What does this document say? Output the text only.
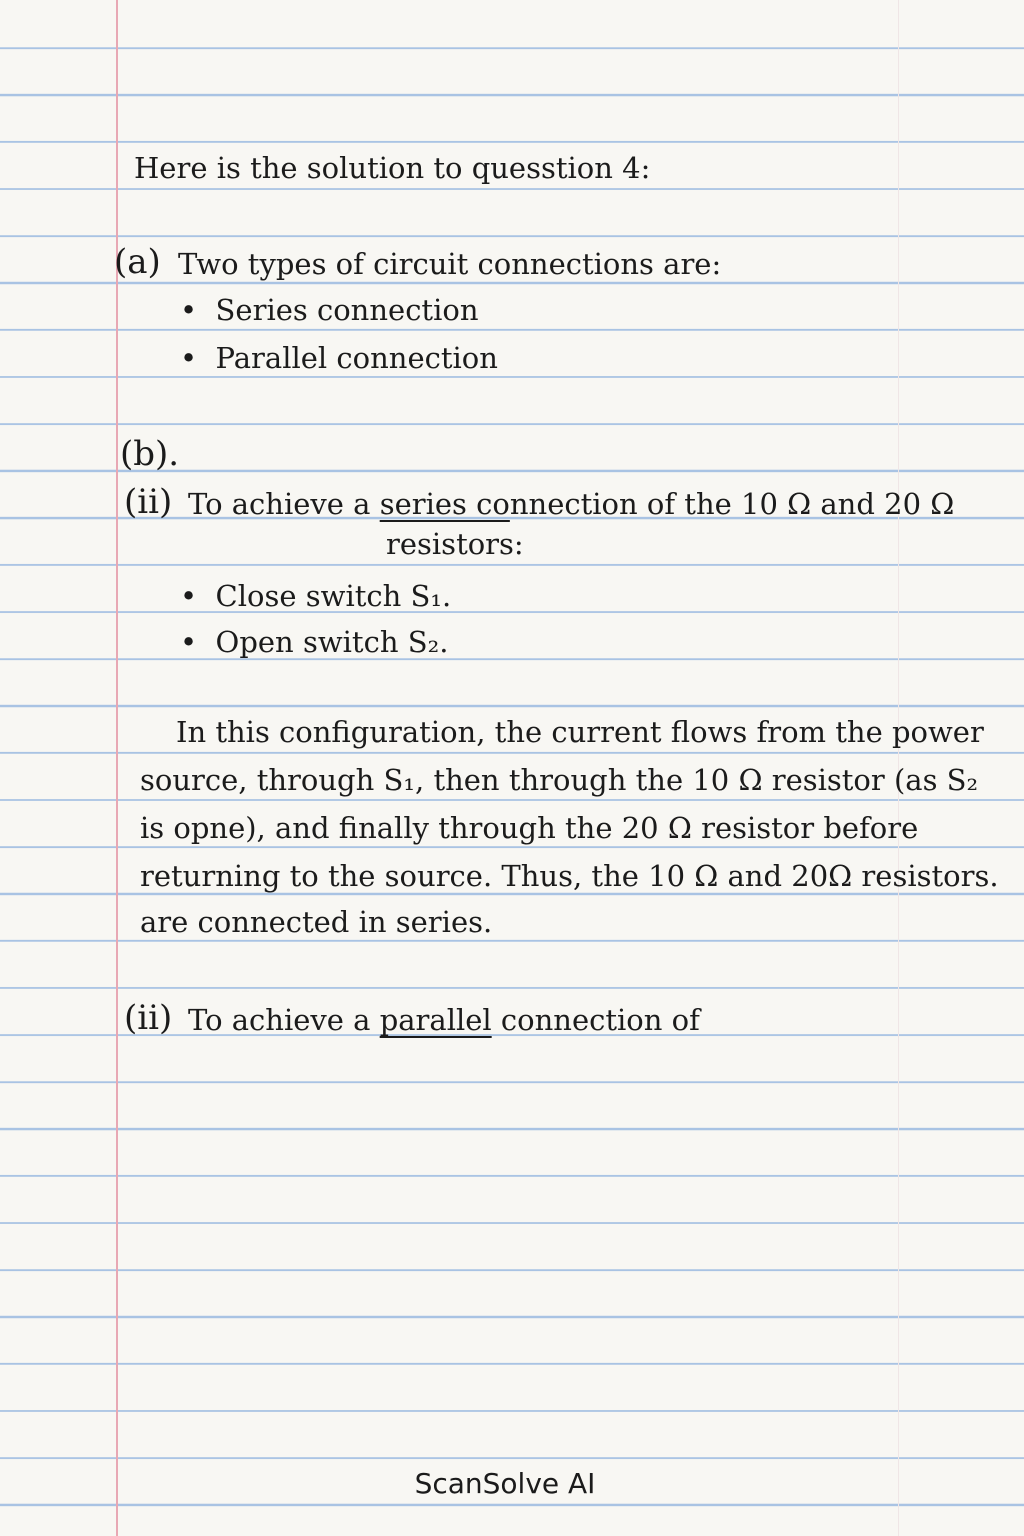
Here is the solution to quesstion 4:
(a) Two types of circuit connections are:
•  Series connection
•  Parallel connection
(b).
(ii) To achieve a series connection of the 10 Ω and 20 Ω
resistors:
•  Close switch S₁.
•  Open switch S₂.
In this configuration, the current flows from the power
source, through S₁, then through the 10 Ω resistor (as S₂
is opne), and finally through the 20 Ω resistor before
returning to the source. Thus, the 10 Ω and 20Ω resistors.
are connected in series.
(ii) To achieve a parallel connection of
ScanSolve AI
